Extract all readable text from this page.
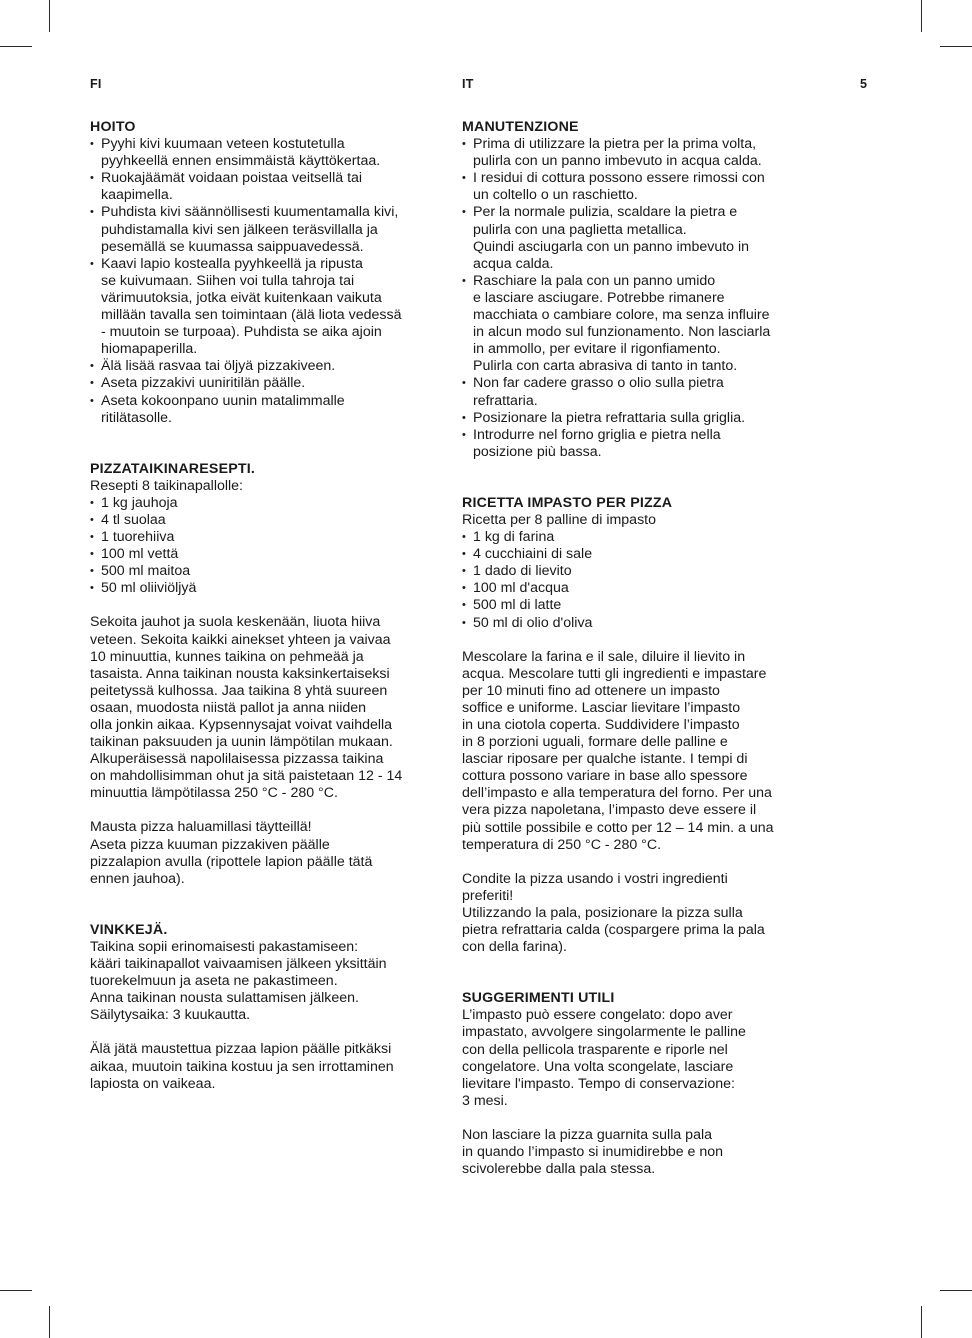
FI	IT	5
HOITO

• Pyyhi kivi kuumaan veteen kostutetulla
pyyhkeellä ennen ensimmäistä käyttökertaa.

• Ruokajäämät voidaan poistaa veitsellä tai
kaapimella.

• Puhdista kivi säännöllisesti kuumentamalla kivi,
puhdistamalla kivi sen jälkeen teräsvillalla ja
pesemällä se kuumassa saippuavedessä.

• Kaavi lapio kostealla pyyhkeellä ja ripusta
se kuivumaan. Siihen voi tulla tahroja tai
värimuutoksia, jotka eivät kuitenkaan vaikuta
millään tavalla sen toimintaan (älä liota vedessä
- muutoin se turpoaa). Puhdista se aika ajoin
hiomapaperilla.

• Älä lisää rasvaa tai öljyä pizzakiveen.

• Aseta pizzakivi uuniritilän päälle.

• Aseta kokoonpano uunin matalimmalle
ritilätasolle.

PIZZATAIKINARESEPTI.

Resepti 8 taikinapallolle:

• 1 kg jauhoja
• 4 tl suolaa
• 1 tuorehiiva
• 100 ml vettä
• 500 ml maitoa
• 50 ml oliiviöljyä

Sekoita jauhot ja suola keskenään, liuota hiiva
veteen. Sekoita kaikki ainekset yhteen ja vaivaa
10 minuuttia, kunnes taikina on pehmeää ja
tasaista. Anna taikinan nousta kaksinkertaiseksi
peitetyssä kulhossa. Jaa taikina 8 yhtä suureen
osaan, muodosta niistä pallot ja anna niiden
olla jonkin aikaa. Kypsennysajat voivat vaihdella
taikinan paksuuden ja uunin lämpötilan mukaan.
Alkuperäisessä napolilaisessa pizzassa taikina
on mahdollisimman ohut ja sitä paistetaan 12 - 14
minuuttia lämpötilassa 250 °C - 280 °C.

Mausta pizza haluamillasi täytteillä!
Aseta pizza kuuman pizzakiven päälle
pizzalapion avulla (ripottele lapion päälle tätä
ennen jauhoa).

VINKKEJÄ.

Taikina sopii erinomaisesti pakastamiseen:
kääri taikinapallot vaivaamisen jälkeen yksittäin
tuorekelmuun ja aseta ne pakastimeen.
Anna taikinan nousta sulattamisen jälkeen.
Säilytysaika: 3 kuukautta.

Älä jätä maustettua pizzaa lapion päälle pitkäksi
aikaa, muutoin taikina kostuu ja sen irrottaminen
lapiosta on vaikeaa.

MANUTENZIONE

• Prima di utilizzare la pietra per la prima volta,
pulirla con un panno imbevuto in acqua calda.

• I residui di cottura possono essere rimossi con
un coltello o un raschietto.

• Per la normale pulizia, scaldare la pietra e
pulirla con una paglietta metallica.
Quindi asciugarla con un panno imbevuto in
acqua calda.

• Raschiare la pala con un panno umido
e lasciare asciugare. Potrebbe rimanere
macchiata o cambiare colore, ma senza influire
in alcun modo sul funzionamento. Non lasciarla
in ammollo, per evitare il rigonfiamento.
Pulirla con carta abrasiva di tanto in tanto.

• Non far cadere grasso o olio sulla pietra
refrattaria.

• Posizionare la pietra refrattaria sulla griglia.

• Introdurre nel forno griglia e pietra nella
posizione più bassa.

RICETTA IMPASTO PER PIZZA

Ricetta per 8 palline di impasto

• 1 kg di farina
• 4 cucchiaini di sale
• 1 dado di lievito
• 100 ml d'acqua
• 500 ml di latte
• 50 ml di olio d'oliva

Mescolare la farina e il sale, diluire il lievito in
acqua. Mescolare tutti gli ingredienti e impastare
per 10 minuti fino ad ottenere un impasto
soffice e uniforme. Lasciar lievitare l’impasto
in una ciotola coperta. Suddividere l’impasto
in 8 porzioni uguali, formare delle palline e
lasciar riposare per qualche istante. I tempi di
cottura possono variare in base allo spessore
dell’impasto e alla temperatura del forno. Per una
vera pizza napoletana, l’impasto deve essere il
più sottile possibile e cotto per 12 – 14 min. a una
temperatura di 250 °C - 280 °C.

Condite la pizza usando i vostri ingredienti
preferiti!
Utilizzando la pala, posizionare la pizza sulla
pietra refrattaria calda (cospargere prima la pala
con della farina).

SUGGERIMENTI UTILI

L’impasto può essere congelato: dopo aver
impastato, avvolgere singolarmente le palline
con della pellicola trasparente e riporle nel
congelatore. Una volta scongelate, lasciare
lievitare l'impasto. Tempo di conservazione:
3 mesi.

Non lasciare la pizza guarnita sulla pala
in quando l’impasto si inumidirebbe e non
scivolerebbe dalla pala stessa.
